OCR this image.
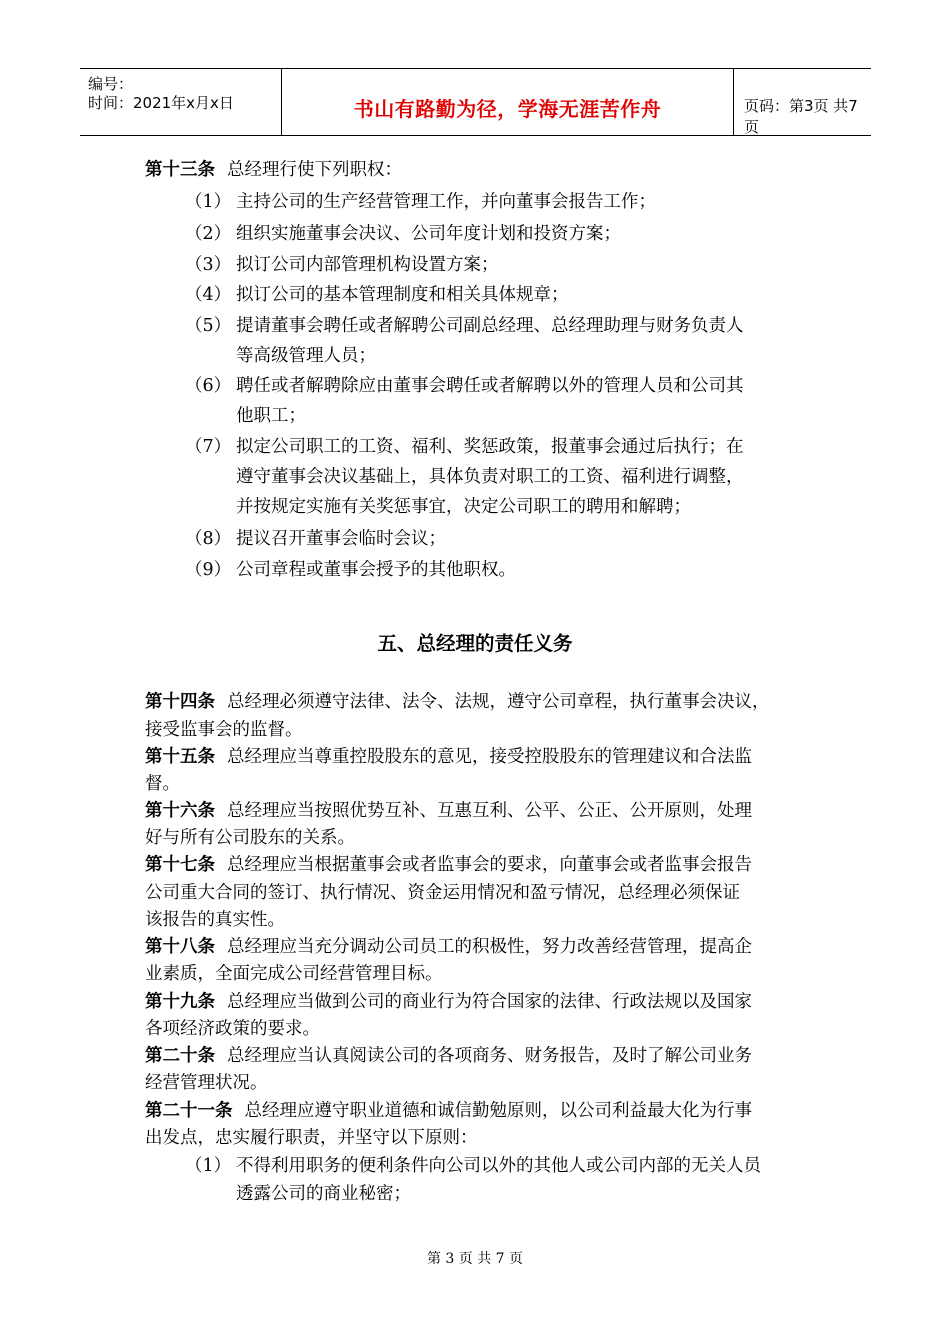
编号：
时间：2021年x月x日	书山有路勤为径，学海无涯苦作舟	页码：第3页 共7页
第十三条 总经理行使下列职权：
（1） 主持公司的生产经营管理工作，并向董事会报告工作；
（2） 组织实施董事会决议、公司年度计划和投资方案；
（3） 拟订公司内部管理机构设置方案；
（4） 拟订公司的基本管理制度和相关具体规章；
（5） 提请董事会聘任或者解聘公司副总经理、总经理助理与财务负责人
等高级管理人员；
（6） 聘任或者解聘除应由董事会聘任或者解聘以外的管理人员和公司其
他职工；
（7） 拟定公司职工的工资、福利、奖惩政策，报董事会通过后执行；在
遵守董事会决议基础上，具体负责对职工的工资、福利进行调整，
并按规定实施有关奖惩事宜，决定公司职工的聘用和解聘；
（8） 提议召开董事会临时会议；
（9） 公司章程或董事会授予的其他职权。
五、总经理的责任义务
第十四条 总经理必须遵守法律、法令、法规，遵守公司章程，执行董事会决议，
接受监事会的监督。
第十五条 总经理应当尊重控股股东的意见，接受控股股东的管理建议和合法监
督。
第十六条 总经理应当按照优势互补、互惠互利、公平、公正、公开原则，处理
好与所有公司股东的关系。
第十七条 总经理应当根据董事会或者监事会的要求，向董事会或者监事会报告
公司重大合同的签订、执行情况、资金运用情况和盈亏情况，总经理必须保证
该报告的真实性。
第十八条 总经理应当充分调动公司员工的积极性，努力改善经营管理，提高企
业素质，全面完成公司经营管理目标。
第十九条 总经理应当做到公司的商业行为符合国家的法律、行政法规以及国家
各项经济政策的要求。
第二十条 总经理应当认真阅读公司的各项商务、财务报告，及时了解公司业务
经营管理状况。
第二十一条 总经理应遵守职业道德和诚信勤勉原则，以公司利益最大化为行事
出发点，忠实履行职责，并坚守以下原则：
（1） 不得利用职务的便利条件向公司以外的其他人或公司内部的无关人员
透露公司的商业秘密；
第 3 页 共 7 页
